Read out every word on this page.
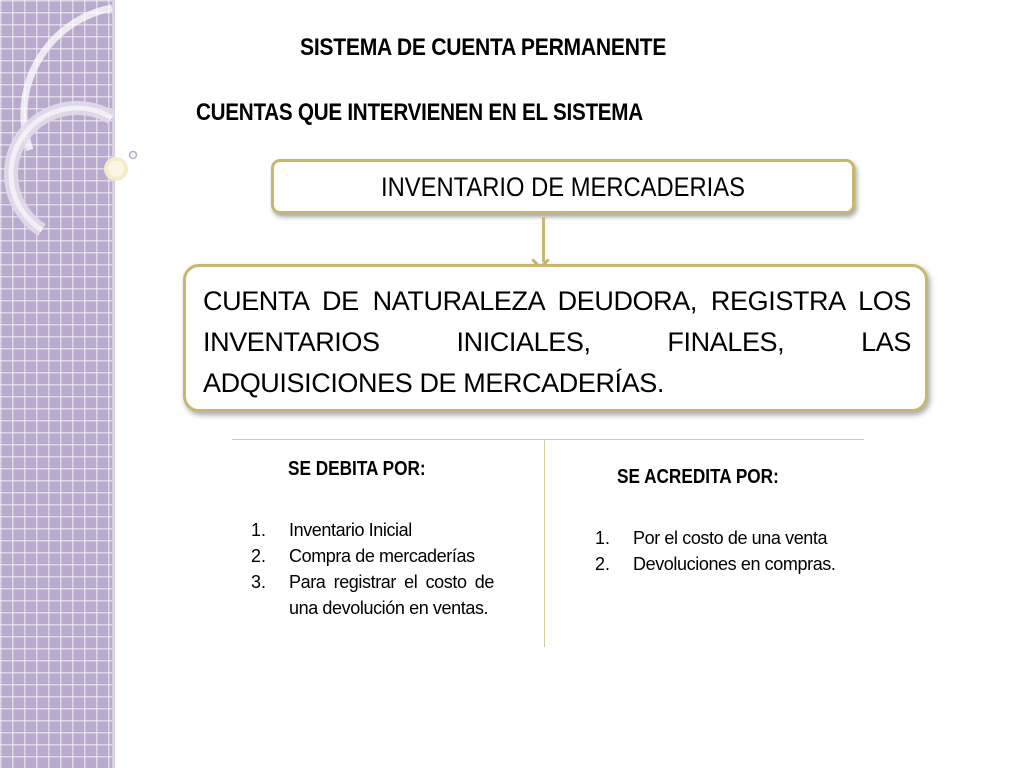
SISTEMA DE CUENTA PERMANENTE
CUENTAS QUE INTERVIENEN EN EL SISTEMA
INVENTARIO DE MERCADERIAS
CUENTA DE NATURALEZA DEUDORA, REGISTRA LOS INVENTARIOS INICIALES, FINALES, LAS ADQUISICIONES DE MERCADERÍAS.
SE DEBITA POR:
1. Inventario Inicial
2. Compra de mercaderías
3. Para registrar el costo de una devolución en ventas.
SE ACREDITA POR:
1. Por el costo de una venta
2. Devoluciones en compras.
